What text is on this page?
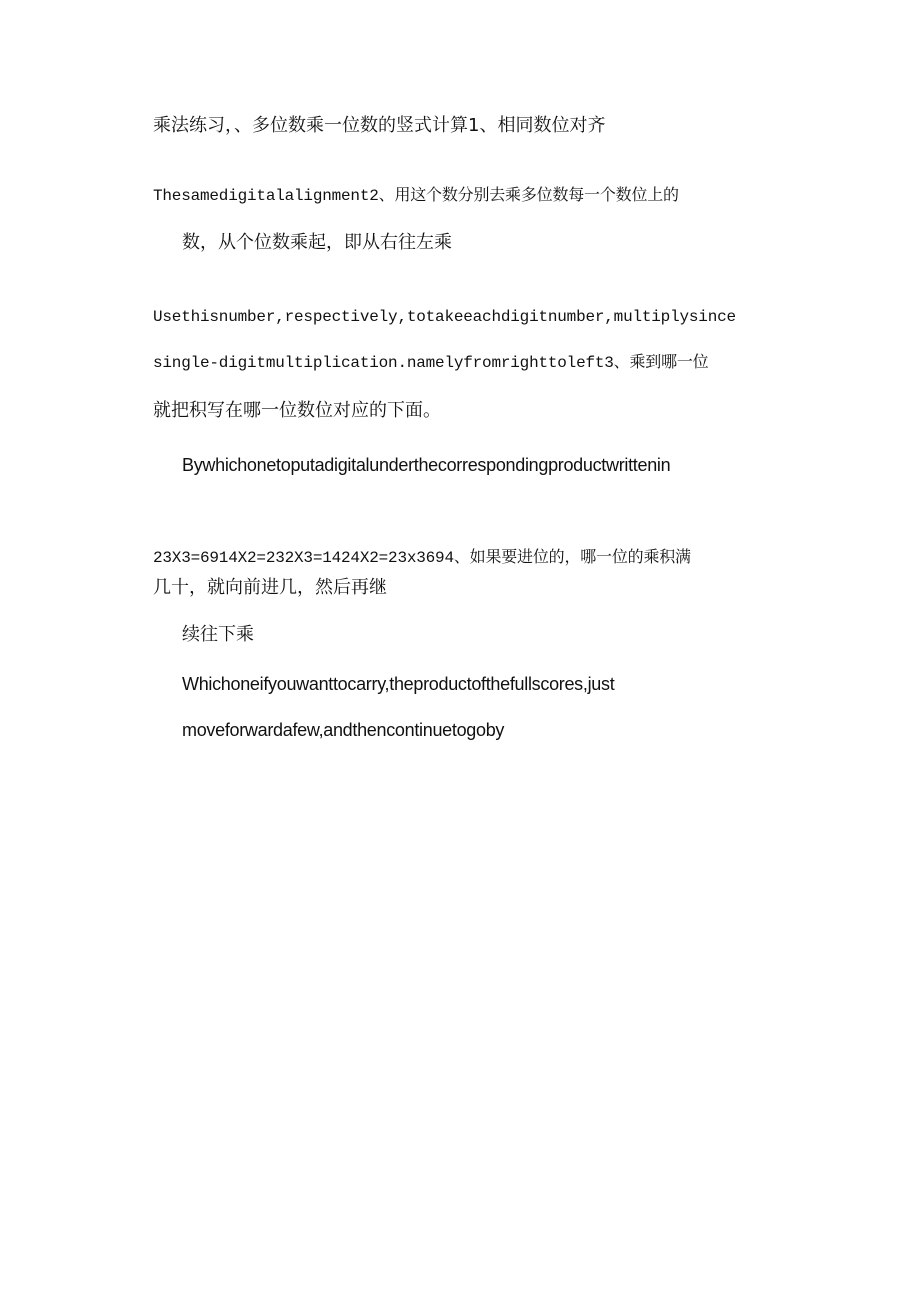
乘法练习，、多位数乘一位数的竖式计算1、相同数位对齐
Thesamedigitalalignment2、用这个数分别去乘多位数每一个数位上的
数，从个位数乘起，即从右往左乘
Usethisnumber,respectively,totakeeachdigitnumber,multiplysince
single-digitmultiplication.namelyfromrighttoleft3、乘到哪一位
就把积写在哪一位数位对应的下面。
Bywhichonetoputadigitalunderthecorrespondingproductwrittenin
23X3=6914X2=232X3=1424X2=23x3694、如果要进位的，哪一位的乘积满
几十，就向前进几，然后再继
续往下乘
Whichoneifyouwanttocarry,theproductofthefullscores,just
moveforwardafew,andthencontinuetogoby
